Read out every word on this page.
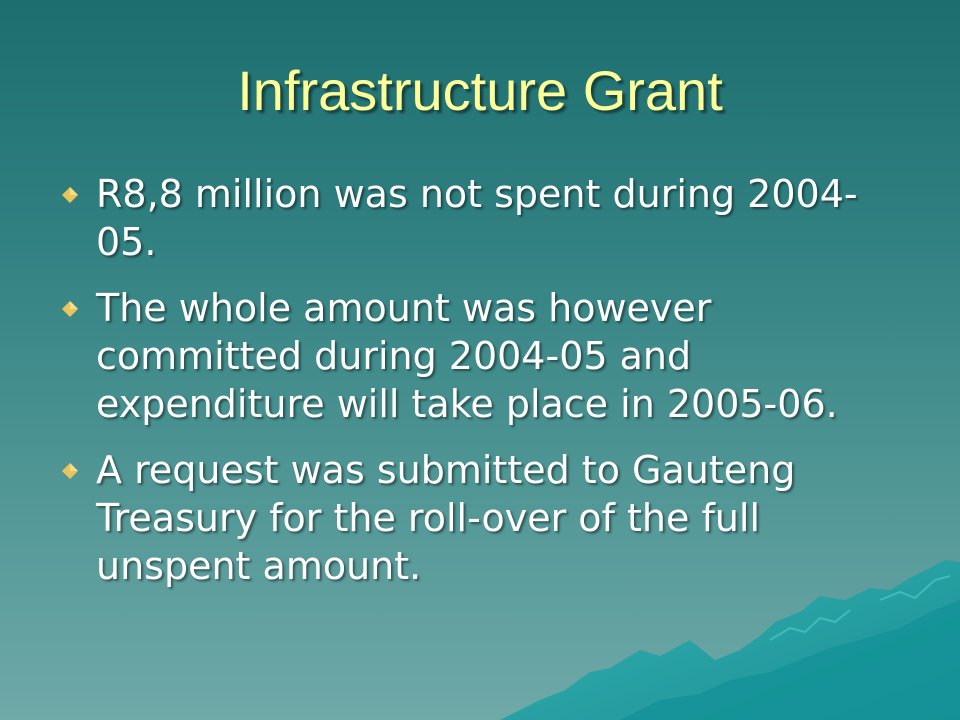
Infrastructure Grant
R8,8 million was not spent during 2004-05.
The whole amount was however committed during 2004-05 and expenditure will take place in 2005-06.
A request was submitted to Gauteng Treasury for the roll-over of the full unspent amount.
